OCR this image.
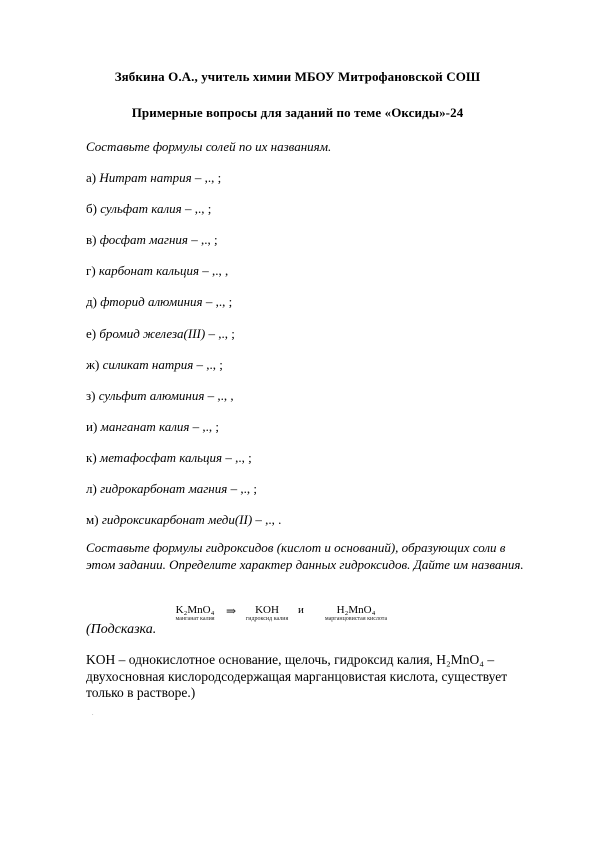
Зябкина О.А., учитель химии МБОУ Митрофановской СОШ
Примерные вопросы для заданий по теме «Оксиды»-24
Составьте формулы солей по их названиям.
а) Нитрат натрия – ,., ;
б) сульфат калия – ,., ;
в) фосфат магния – ,., ;
г) карбонат кальция – ,., ,
д) фторид алюминия – ,., ;
е) бромид железа(III) – ,., ;
ж) силикат натрия – ,., ;
з) сульфит алюминия – ,., ,
и) манганат калия – ,., ;
к) метафосфат кальция – ,., ;
л) гидрокарбонат магния – ,., ;
м) гидроксикарбонат меди(II) – ,., .
Составьте формулы гидроксидов (кислот и оснований), образующих соли в этом задании. Определите характер данных гидроксидов. Дайте им названия.
(Подсказка.
K₂MnO₄
манганат калия
⇒	KOH
гидроксид калия
и	H₂MnO₄
марганцовистая кислота
KOH – однокислотное основание, щелочь, гидроксид калия, H₂MnO₄ – двухосновная кислородсодержащая марганцовистая кислота, существует только в растворе.)
.
